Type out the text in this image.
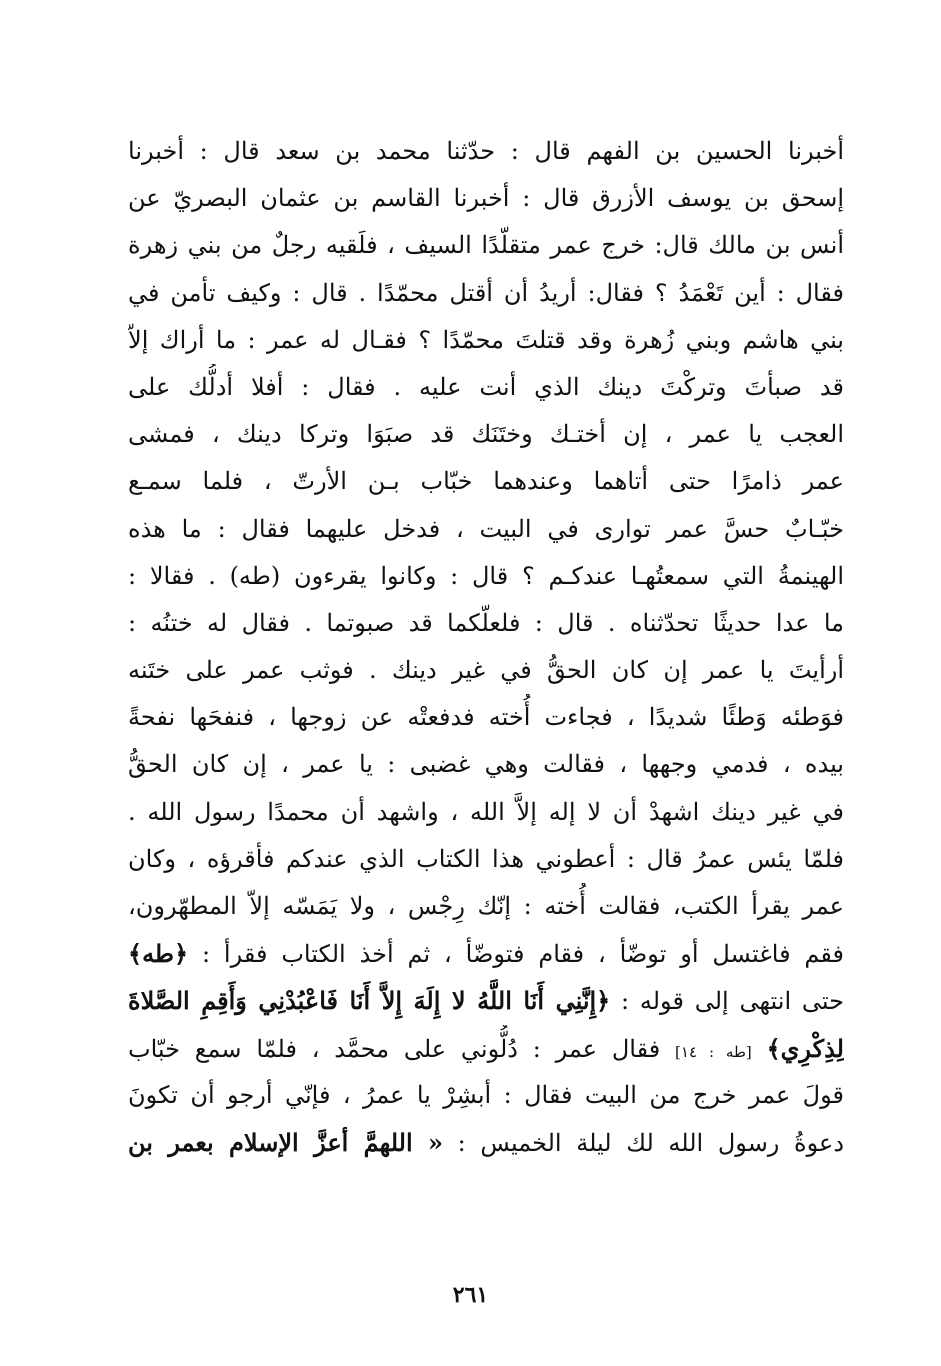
أخبرنا الحسين بن الفهم قال : حدّثنا محمد بن سعد قال : أخبرنا
إسحق بن يوسف الأزرق قال : أخبرنا القاسم بن عثمان البصريّ عن
أنس بن مالك قال: خرج عمر متقلّدًا السيف ، فلَقيه رجلٌ من بني زهرة
فقال : أين تَعْمَدُ ؟ فقال: أريدُ أن أقتل محمّدًا . قال : وكيف تأمن في
بني هاشم وبني زُهرة وقد قتلتَ محمّدًا ؟ فقـال له عمر : ما أراك إلاّ
قد صبأتَ وتركْتَ دينك الذي أنت عليه . فقال : أفلا أدلُّك على
العجب يا عمر ، إن أختـك وختَنَك قد صبَوَا وتركا دينك ، فمشى
عمر ذامرًا حتى أتاهما وعندهما خبّاب بـن الأرتّ ، فلما سمـع
خبّـابٌ حسَّ عمر توارى في البيت ، فدخل عليهما فقال : ما هذه
الهينمةُ التي سمعتُهـا عندكـم ؟ قال : وكانوا يقرءون (طه) . فقالا :
ما عدا حديثًا تحدّثناه . قال : فلعلّكما قد صبوتما . فقال له ختنُه :
أرأيتَ يا عمر إن كان الحقُّ في غير دينك . فوثب عمر على ختَنه
فوَطئه وَطئًا شديدًا ، فجاءت أُخته فدفعتْه عن زوجها ، فنفحَها نفحةً
بيده ، فدمي وجهها ، فقالت وهي غضبى : يا عمر ، إن كان الحقُّ
في غير دينك اشهدْ أن لا إله إلاَّ الله ، واشهد أن محمدًا رسول الله .
فلمّا يئس عمرُ قال : أعطوني هذا الكتاب الذي عندكم فأقرؤه ، وكان
عمر يقرأ الكتب، فقالت أُخته : إنّك رِجْس ، ولا يَمَسّه إلاّ المطهّرون،
فقم فاغتسل أو توضّأ ، فقام فتوضّأ ، ثم أخذ الكتاب فقرأ : ﴿طه﴾
حتى انتهى إلى قوله : ﴿إِنَّنِي أَنَا اللَّهُ لا إِلَهَ إِلاَّ أَنَا فَاعْبُدْنِي وَأَقِمِ الصَّلاةَ
لِذِكْرِي﴾ [طه : ١٤] فقال عمر : دُلُّوني على محمَّد ، فلمّا سمع خبّاب
قولَ عمر خرج من البيت فقال : أبشِرْ يا عمرُ ، فإنّي أرجو أن تكونَ
دعوةُ رسول الله لك ليلة الخميس : « اللهمَّ أعزَّ الإسلام بعمر بن
٢٦١
